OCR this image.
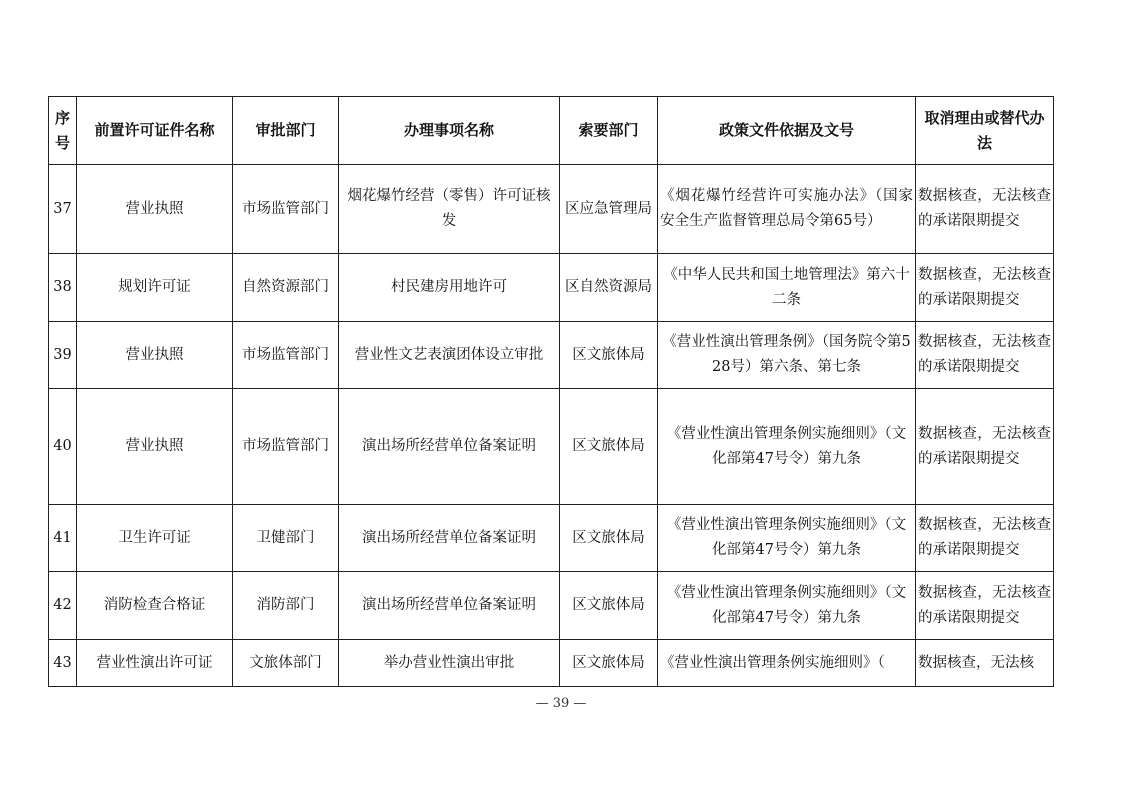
序号	前置许可证件名称	审批部门	办理事项名称	索要部门	政策文件依据及文号	取消理由或替代办法
37	营业执照	市场监管部门	烟花爆竹经营（零售）许可证核发	区应急管理局	《烟花爆竹经营许可实施办法》（国家安全生产监督管理总局令第65号）	数据核查，无法核查的承诺限期提交
38	规划许可证	自然资源部门	村民建房用地许可	区自然资源局	《中华人民共和国土地管理法》第六十二条	数据核查，无法核查的承诺限期提交
39	营业执照	市场监管部门	营业性文艺表演团体设立审批	区文旅体局	《营业性演出管理条例》（国务院令第528号）第六条、第七条	数据核查，无法核查的承诺限期提交
40	营业执照	市场监管部门	演出场所经营单位备案证明	区文旅体局	《营业性演出管理条例实施细则》（文化部第47号令）第九条	数据核查，无法核查的承诺限期提交
41	卫生许可证	卫健部门	演出场所经营单位备案证明	区文旅体局	《营业性演出管理条例实施细则》（文化部第47号令）第九条	数据核查，无法核查的承诺限期提交
42	消防检查合格证	消防部门	演出场所经营单位备案证明	区文旅体局	《营业性演出管理条例实施细则》（文化部第47号令）第九条	数据核查，无法核查的承诺限期提交
43	营业性演出许可证	文旅体部门	举办营业性演出审批	区文旅体局	《营业性演出管理条例实施细则》（	数据核查，无法核
— 39 —
